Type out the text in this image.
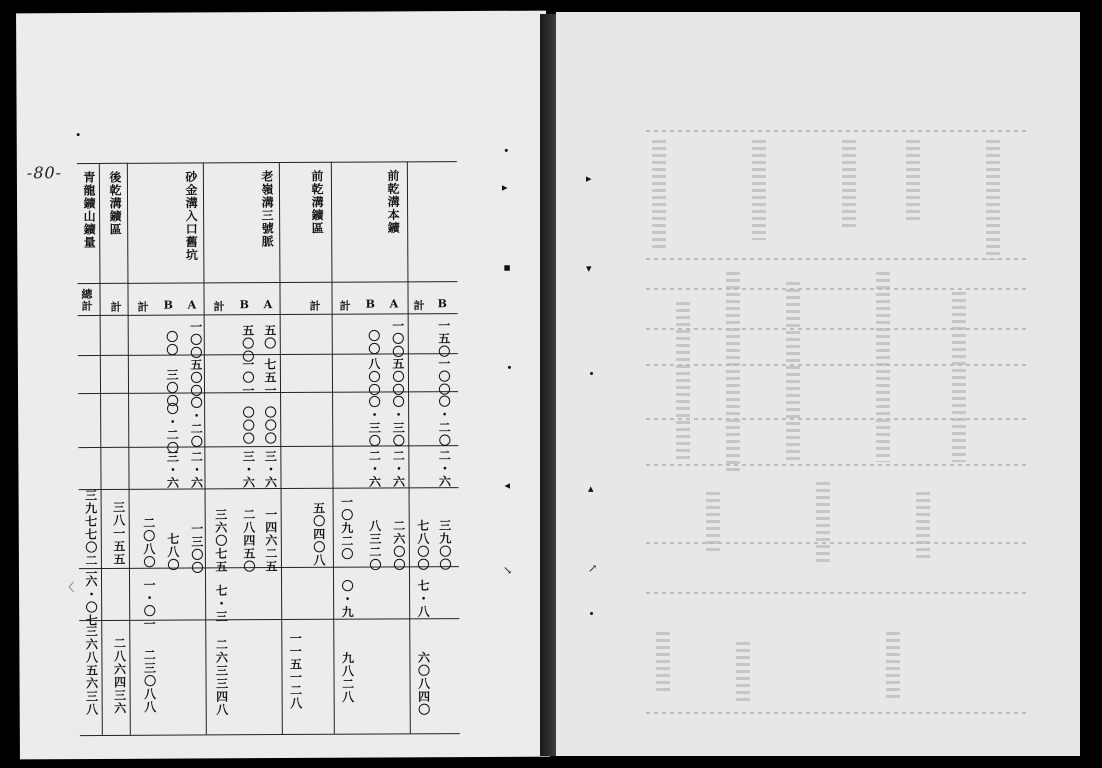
-80-	前乾溝本鑛
前乾溝鑛區
老嶺溝三號脈
砂金溝入口舊坑
後乾溝鑛區
青龍鑛山鑛量
B
計
A
B
計
計
A
B
計
A
B
計
計
總計
一五〇
一〇〇
〇・二〇
二・六
三九〇〇
七八〇〇
七・八
六〇八四〇
一〇〇
五〇〇
〇・三〇
二・六
二六〇〇
〇〇
八〇〇
〇・三〇
二・六
八三二〇
一〇九二〇
〇・九
九八二八
五〇四〇八
一一五一二八
五〇
七五一
〇〇〇
三・六
一四六二五
五〇〇
一〇一
〇〇〇
三・六
二八四五〇
三六〇七五
七・三
二六三三四八
一〇〇
五〇〇
〇・二〇
二・六
一三〇〇
〇〇
三〇〇
〇・二〇
三・六
七八〇
二〇八〇
一・〇一
二三〇八八
三八一五五
二八六四三六
三九七七〇二一
六・〇七
三六八五六三八
▸
▪
◂
↘
〈
▸
▾
▴
↗
